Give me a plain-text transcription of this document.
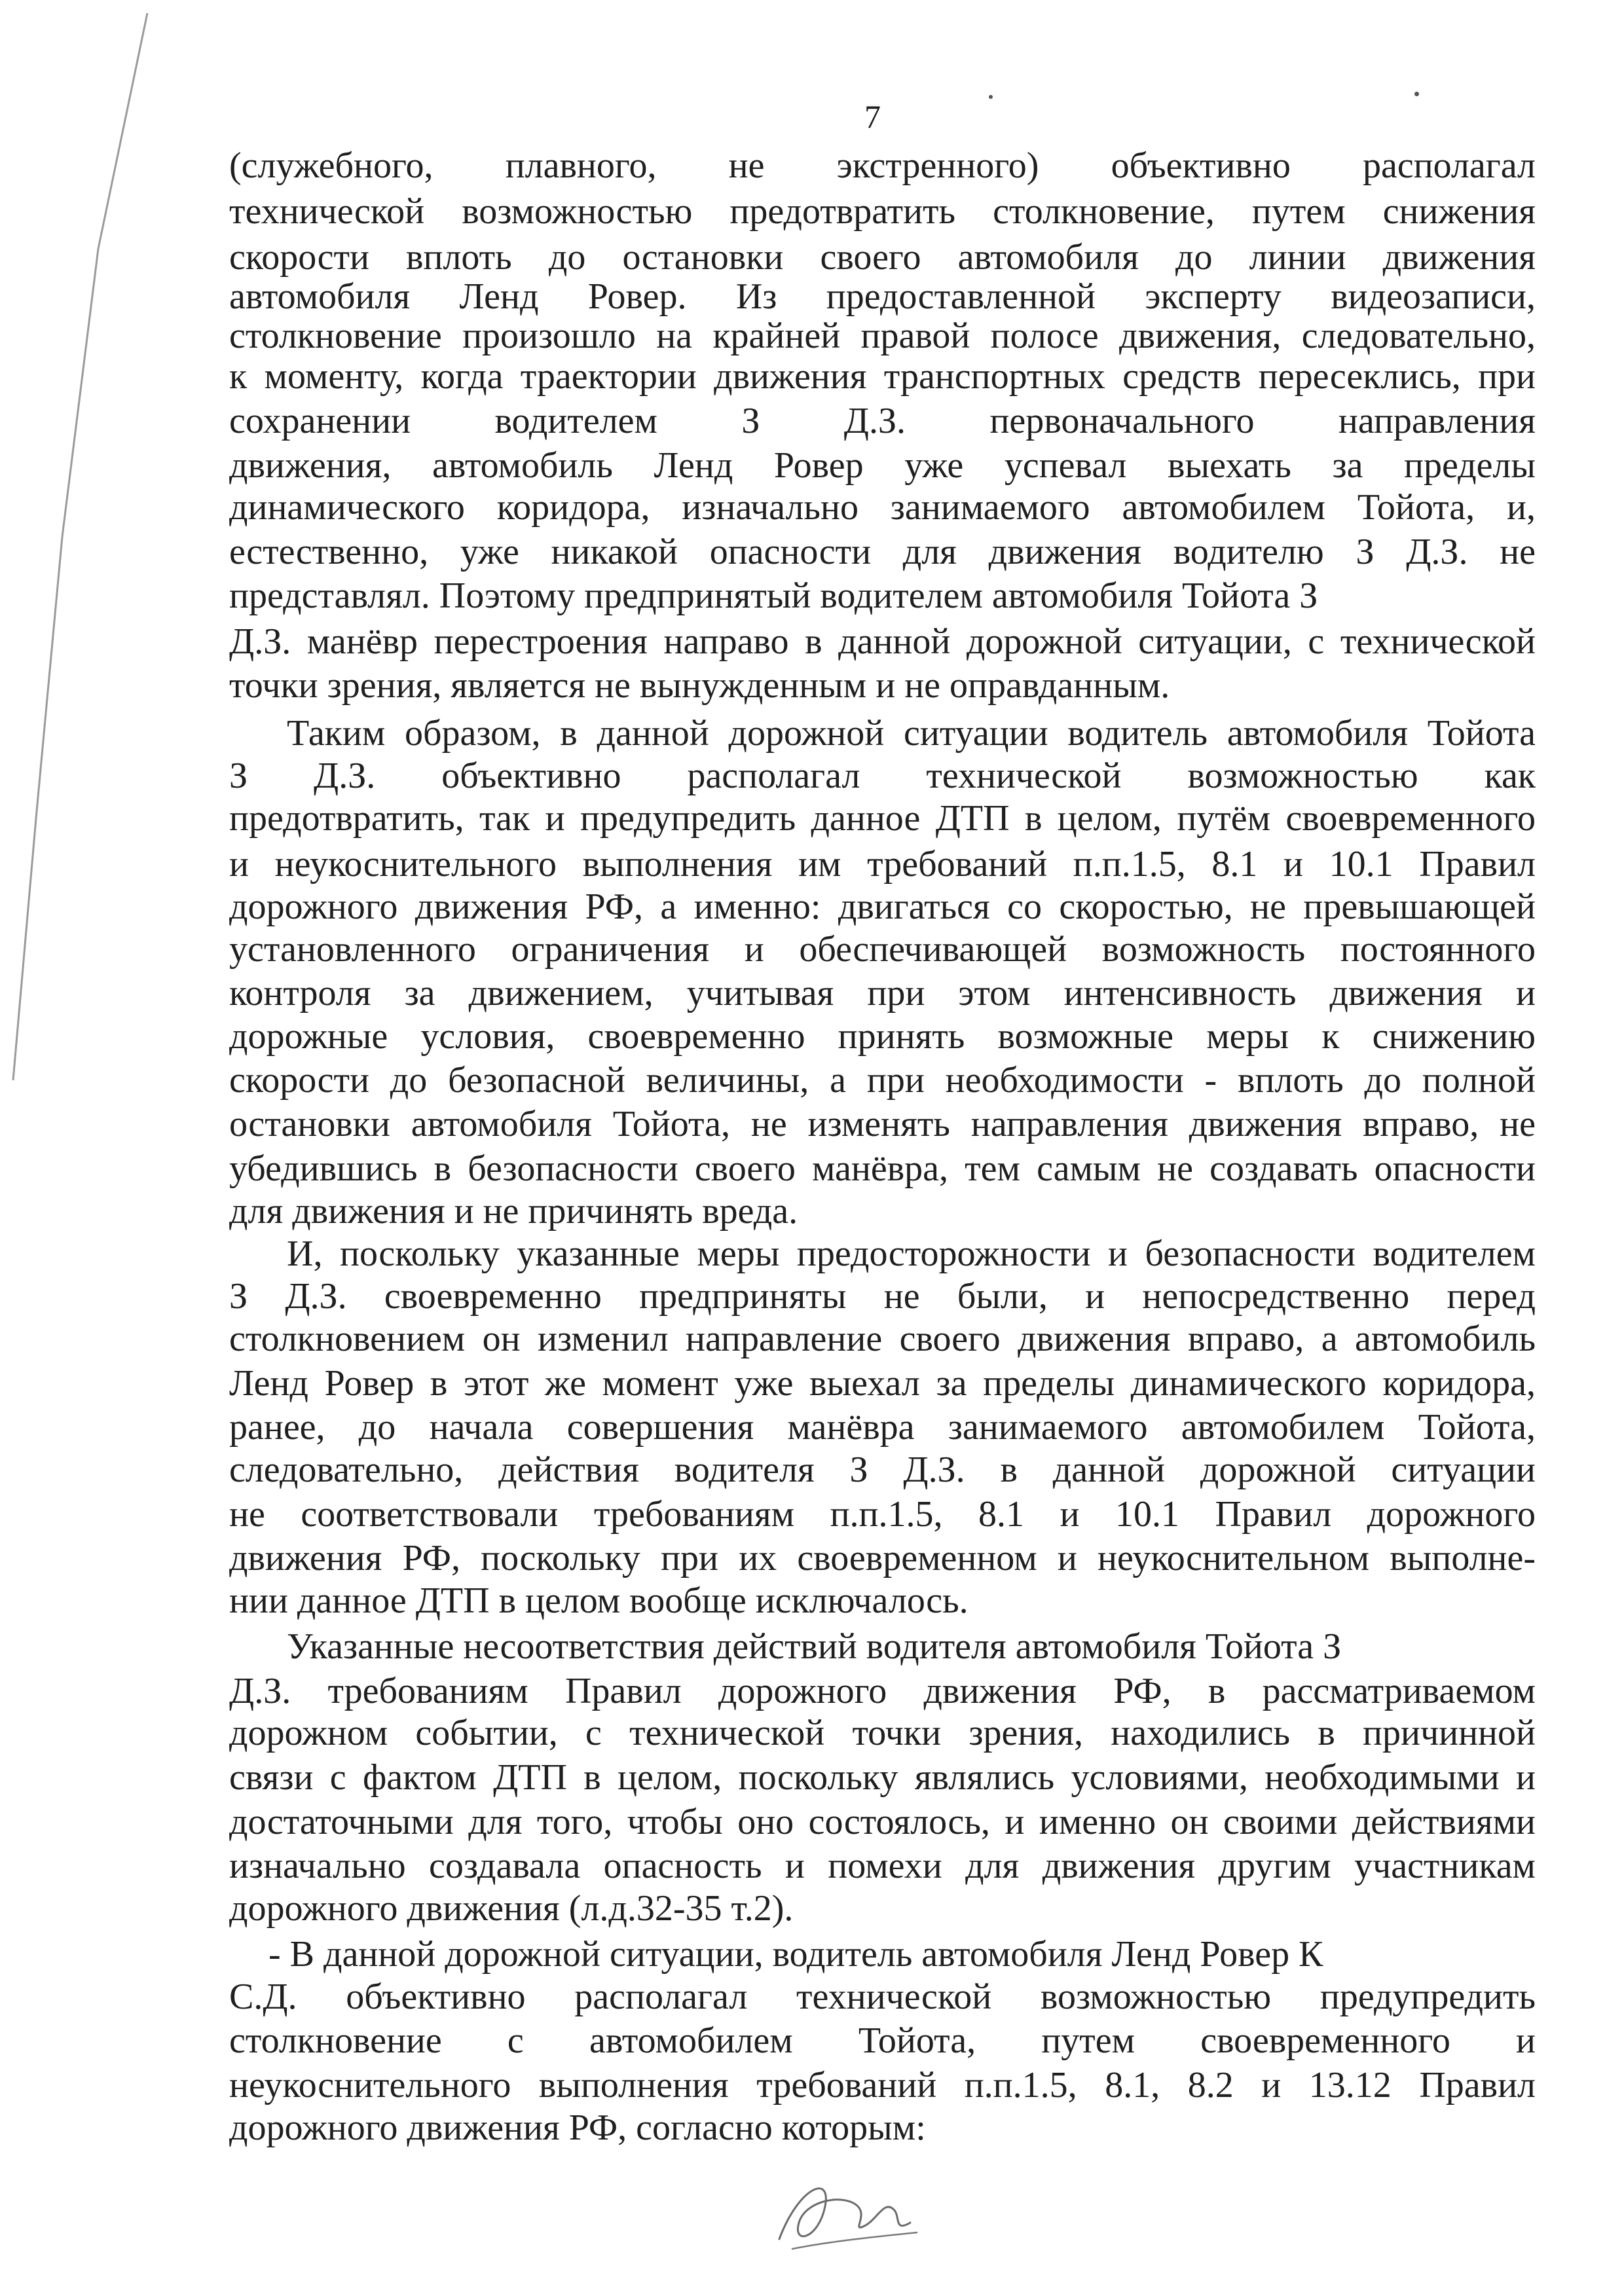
7
(служебного, плавного, не экстренного) объективно располагал
технической возможностью предотвратить столкновение, путем снижения
скорости вплоть до остановки своего автомобиля до линии движения
автомобиля Ленд Ровер. Из предоставленной эксперту видеозаписи,
столкновение произошло на крайней правой полосе движения, следовательно,
к моменту, когда траектории движения транспортных средств пересеклись, при
сохранении водителем З Д.З. первоначального направления
движения, автомобиль Ленд Ровер уже успевал выехать за пределы
динамического коридора, изначально занимаемого автомобилем Тойота, и,
естественно, уже никакой опасности для движения водителю З Д.З. не
представлял. Поэтому предпринятый водителем автомобиля Тойота З
Д.З. манёвр перестроения направо в данной дорожной ситуации, с технической
точки зрения, является не вынужденным и не оправданным.
Таким образом, в данной дорожной ситуации водитель автомобиля Тойота
З Д.З. объективно располагал технической возможностью как
предотвратить, так и предупредить данное ДТП в целом, путём своевременного
и неукоснительного выполнения им требований п.п.1.5, 8.1 и 10.1 Правил
дорожного движения РФ, а именно: двигаться со скоростью, не превышающей
установленного ограничения и обеспечивающей возможность постоянного
контроля за движением, учитывая при этом интенсивность движения и
дорожные условия, своевременно принять возможные меры к снижению
скорости до безопасной величины, а при необходимости - вплоть до полной
остановки автомобиля Тойота, не изменять направления движения вправо, не
убедившись в безопасности своего манёвра, тем самым не создавать опасности
для движения и не причинять вреда.
И, поскольку указанные меры предосторожности и безопасности водителем
З Д.З. своевременно предприняты не были, и непосредственно перед
столкновением он изменил направление своего движения вправо, а автомобиль
Ленд Ровер в этот же момент уже выехал за пределы динамического коридора,
ранее, до начала совершения манёвра занимаемого автомобилем Тойота,
следовательно, действия водителя З Д.З. в данной дорожной ситуации
не соответствовали требованиям п.п.1.5, 8.1 и 10.1 Правил дорожного
движения РФ, поскольку при их своевременном и неукоснительном выполне-
нии данное ДТП в целом вообще исключалось.
Указанные несоответствия действий водителя автомобиля Тойота З
Д.З. требованиям Правил дорожного движения РФ, в рассматриваемом
дорожном событии, с технической точки зрения, находились в причинной
связи с фактом ДТП в целом, поскольку являлись условиями, необходимыми и
достаточными для того, чтобы оно состоялось, и именно он своими действиями
изначально создавала опасность и помехи для движения другим участникам
дорожного движения (л.д.32-35 т.2).
- В данной дорожной ситуации, водитель автомобиля Ленд Ровер К
С.Д. объективно располагал технической возможностью предупредить
столкновение с автомобилем Тойота, путем своевременного и
неукоснительного выполнения требований п.п.1.5, 8.1, 8.2 и 13.12 Правил
дорожного движения РФ, согласно которым:
